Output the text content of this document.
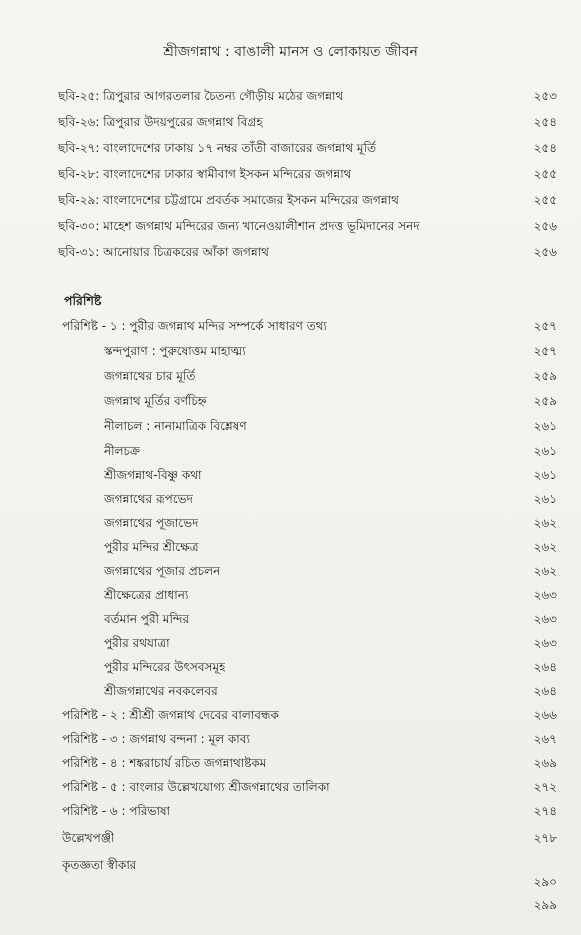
শ্রীজগন্নাথ : বাঙালী মানস ও লোকায়ত জীবন
ছবি-২৫: ত্রিপুরার আগরতলার চৈতন্য গৌড়ীয় মঠের জগন্নাথ	২৫৩
ছবি-২৬: ত্রিপুরার উদয়পুরের জগন্নাথ বিগ্রহ	২৫৪
ছবি-২৭: বাংলাদেশের ঢাকায় ১৭ নম্বর তাঁতী বাজারের জগন্নাথ মূর্তি	২৫৪
ছবি-২৮: বাংলাদেশের ঢাকার স্বামীবাগ ইসকন মন্দিরের জগন্নাথ	২৫৫
ছবি-২৯: বাংলাদেশের চট্টগ্রামে প্রবর্তক সমাজের ইসকন মন্দিরের জগন্নাথ	২৫৫
ছবি-৩০: মাহেশ জগন্নাথ মন্দিরের জন্য খানেওয়ালীশান প্রদত্ত ভূমিদানের সনদ	২৫৬
ছবি-৩১: আনোয়ার চিত্রকরের আঁকা জগন্নাথ	২৫৬
পরিশিষ্ট
পরিশিষ্ট - ১ : পুরীর জগন্নাথ মন্দির সম্পর্কে সাধারণ তথ্য	২৫৭
স্কন্দপুরাণ : পুরুষোত্তম মাহাত্ম্য	২৫৭
জগন্নাথের চার মূর্তি	২৫৯
জগন্নাথ মূর্তির বর্ণচিহ্ন	২৫৯
নীলাচল : নানামাত্রিক বিশ্লেষণ	২৬১
নীলচক্র	২৬১
শ্রীজগন্নাথ-বিষ্ণু কথা	২৬১
জগন্নাথের রূপভেদ	২৬১
জগন্নাথের পূজাভেদ	২৬২
পুরীর মন্দির শ্রীক্ষেত্র	২৬২
জগন্নাথের পূজার প্রচলন	২৬২
শ্রীক্ষেত্রের প্রাধান্য	২৬৩
বর্তমান পুরী মন্দির	২৬৩
পুরীর রথযাত্রা	২৬৩
পুরীর মন্দিরের উৎসবসমূহ	২৬৪
শ্রীজগন্নাথের নবকলেবর	২৬৪
পরিশিষ্ট - ২ : শ্রীশ্রী জগন্নাথ দেবের বালাবন্ধক	২৬৬
পরিশিষ্ট - ৩ : জগন্নাথ বন্দনা : মূল কাব্য	২৬৭
পরিশিষ্ট - ৪ : শঙ্করাচার্য রচিত জগন্নাথাষ্টকম	২৬৯
পরিশিষ্ট - ৫ : বাংলার উল্লেখযোগ্য শ্রীজগন্নাথের তালিকা	২৭২
পরিশিষ্ট - ৬ : পরিভাষা	২৭৪
উল্লেখপঞ্জী	২৭৮
কৃতজ্ঞতা স্বীকার
২৯০
২৯৯
